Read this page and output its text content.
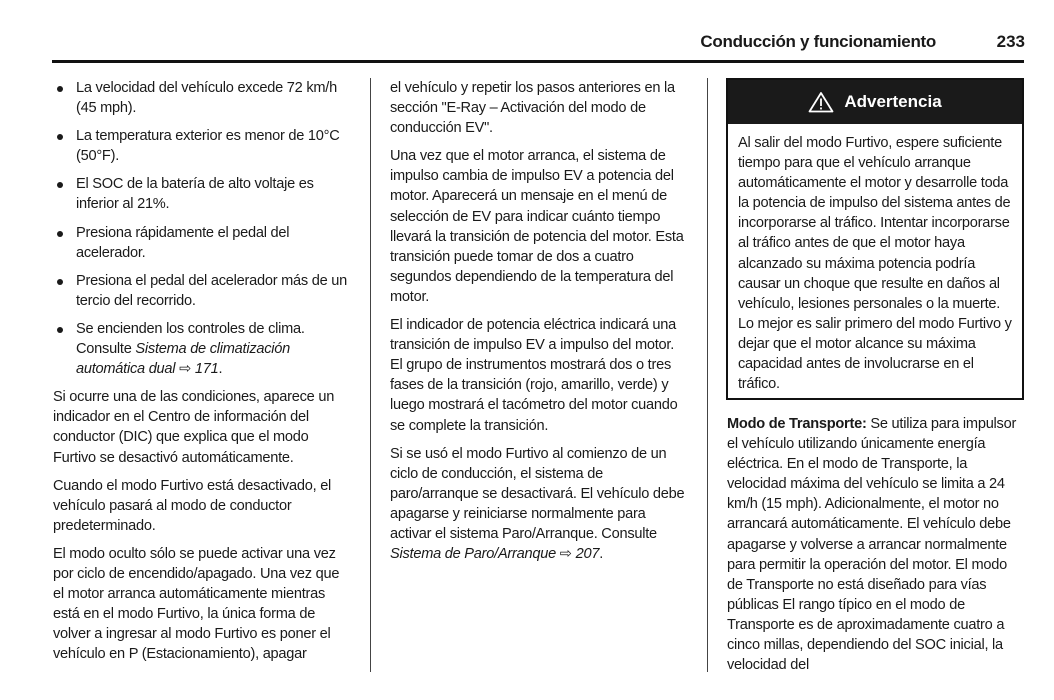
Conducción y funcionamiento	233
La velocidad del vehículo excede 72 km/h (45 mph).
La temperatura exterior es menor de 10°C (50°F).
El SOC de la batería de alto voltaje es inferior al 21%.
Presiona rápidamente el pedal del acelerador.
Presiona el pedal del acelerador más de un tercio del recorrido.
Se encienden los controles de clima. Consulte Sistema de climatización automática dual ⇨ 171.

Si ocurre una de las condiciones, aparece un indicador en el Centro de información del conductor (DIC) que explica que el modo Furtivo se desactivó automáticamente.

Cuando el modo Furtivo está desactivado, el vehículo pasará al modo de conductor predeterminado.

El modo oculto sólo se puede activar una vez por ciclo de encendido/apagado. Una vez que el motor arranca automáticamente mientras está en el modo Furtivo, la única forma de volver a ingresar al modo Furtivo es poner el vehículo en P (Estacionamiento), apagar

el vehículo y repetir los pasos anteriores en la sección "E-Ray – Activación del modo de conducción EV".

Una vez que el motor arranca, el sistema de impulso cambia de impulso EV a potencia del motor. Aparecerá un mensaje en el menú de selección de EV para indicar cuánto tiempo llevará la transición de potencia del motor. Esta transición puede tomar de dos a cuatro segundos dependiendo de la temperatura del motor.

El indicador de potencia eléctrica indicará una transición de impulso EV a impulso del motor. El grupo de instrumentos mostrará dos o tres fases de la transición (rojo, amarillo, verde) y luego mostrará el tacómetro del motor cuando se complete la transición.

Si se usó el modo Furtivo al comienzo de un ciclo de conducción, el sistema de paro/arranque se desactivará. El vehículo debe apagarse y reiniciarse normalmente para activar el sistema Paro/Arranque. Consulte Sistema de Paro/Arranque ⇨ 207.

Advertencia

Al salir del modo Furtivo, espere suficiente tiempo para que el vehículo arranque automáticamente el motor y desarrolle toda la potencia de impulso del sistema antes de incorporarse al tráfico. Intentar incorporarse al tráfico antes de que el motor haya alcanzado su máxima potencia podría causar un choque que resulte en daños al vehículo, lesiones personales o la muerte. Lo mejor es salir primero del modo Furtivo y dejar que el motor alcance su máxima capacidad antes de involucrarse en el tráfico.

Modo de Transporte: Se utiliza para impulsor el vehículo utilizando únicamente energía eléctrica. En el modo de Transporte, la velocidad máxima del vehículo se limita a 24 km/h (15 mph). Adicionalmente, el motor no arrancará automáticamente. El vehículo debe apagarse y volverse a arrancar normalmente para permitir la operación del motor. El modo de Transporte no está diseñado para vías públicas El rango típico en el modo de Transporte es de aproximadamente cuatro a cinco millas, dependiendo del SOC inicial, la velocidad del
